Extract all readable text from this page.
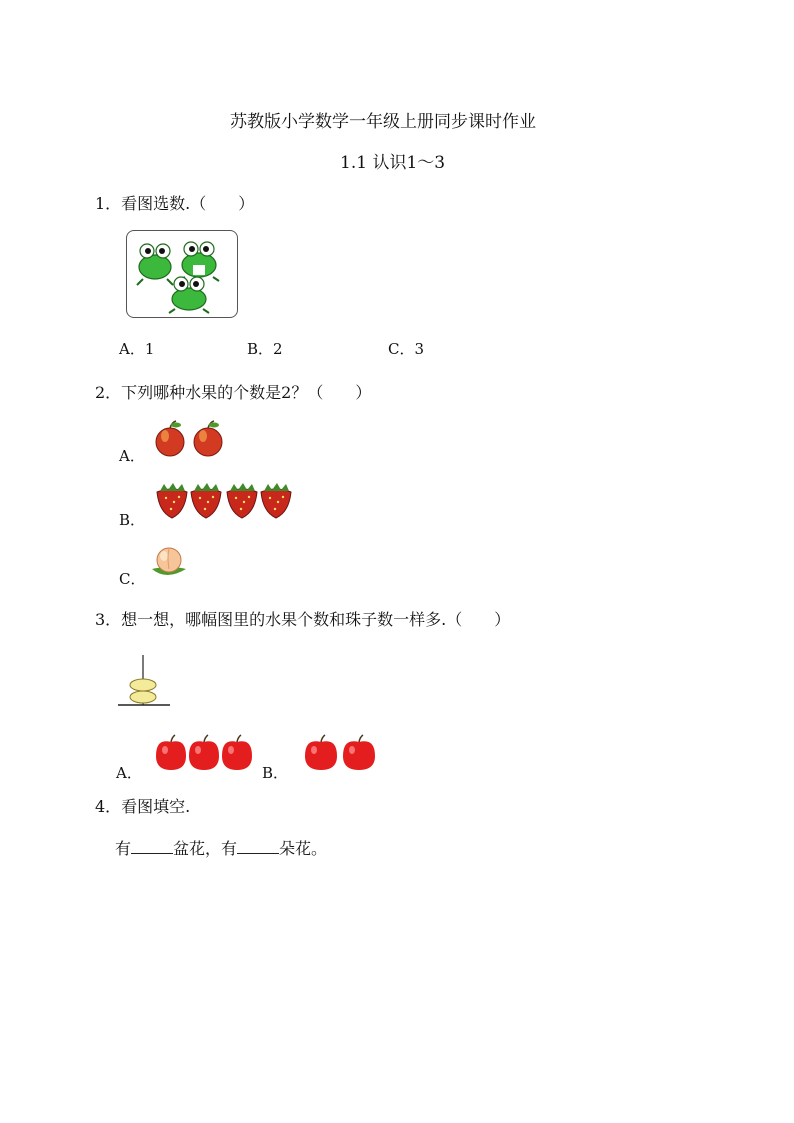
苏教版小学数学一年级上册同步课时作业
1.1 认识1～3
1．看图选数.（　　）
A．1	B．2	C．3
2．下列哪种水果的个数是2？（　　）
A．
B．
C．
3．想一想，哪幅图里的水果个数和珠子数一样多.（　　）
A．	B．
4．看图填空.
有	盆花，有	朵花。
